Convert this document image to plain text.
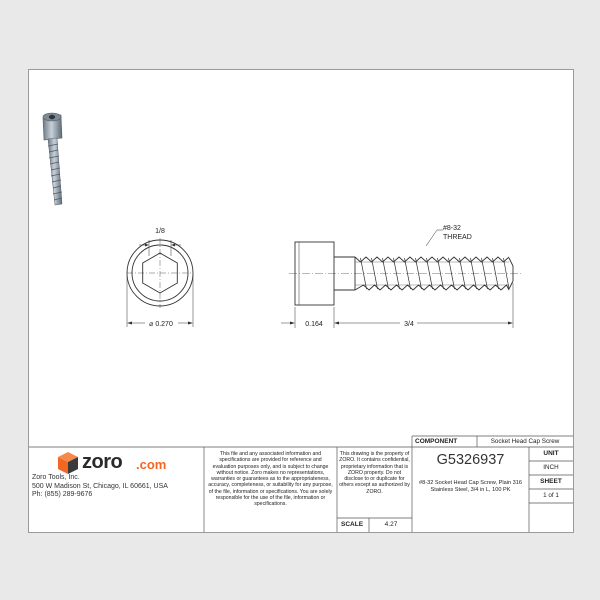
1/8
⌀ 0.270
#8-32
THREAD
0.164	3/4
zoro .com
Zoro Tools, Inc.
500 W Madison St, Chicago, IL 60661, USA
Ph: (855) 289-9676
This file and any associated information and specifications are provided for reference and evaluation purposes only, and is subject to change without notice. Zoro makes no representations, warranties or guarantees as to the appropriateness, accuracy, completeness, or suitability for any purpose, of the file, information or specifications. You are solely responsible for the use of the file, information or specifications.
This drawing is the property of ZORO. It contains confidential, proprietary information that is ZORO property. Do not disclose to or duplicate for others except as authorized by ZORO.
SCALE	4.27
COMPONENT	Socket Head Cap Screw
G5326937
#8-32 Socket Head Cap Screw, Plain 316 Stainless Steel, 3/4 in L, 100 PK
UNIT
INCH
SHEET
1 of 1
